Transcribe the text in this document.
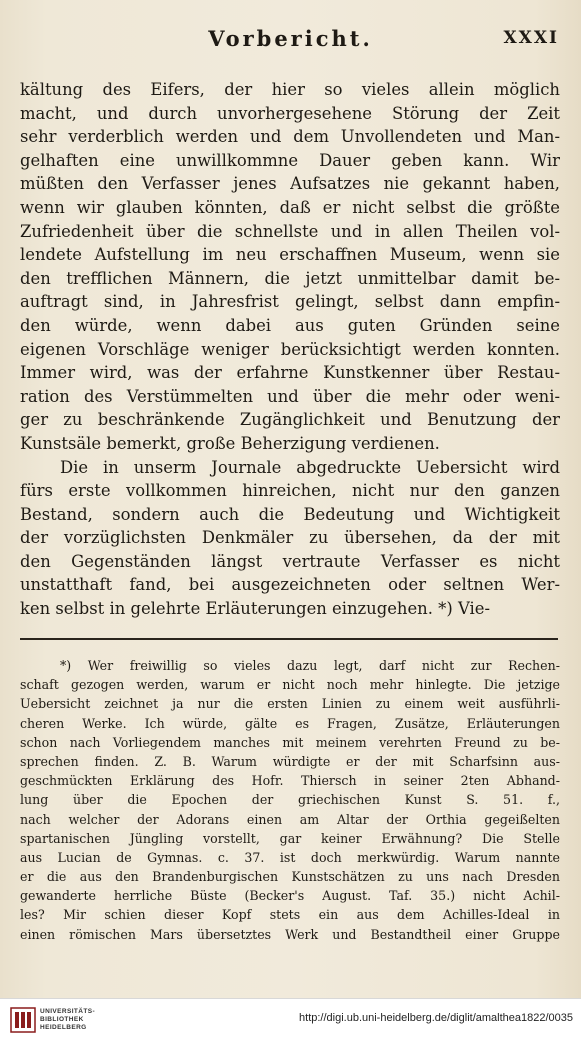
Vorbericht.	XXXI
kältung des Eifers, der hier so vieles allein möglich
macht, und durch unvorhergesehene Störung der Zeit
sehr verderblich werden und dem Unvollendeten und Man-
gelhaften eine unwillkommne Dauer geben kann. Wir
müßten den Verfasser jenes Aufsatzes nie gekannt haben,
wenn wir glauben könnten, daß er nicht selbst die größte
Zufriedenheit über die schnellste und in allen Theilen vol-
lendete Aufstellung im neu erschaffnen Museum, wenn sie
den trefflichen Männern, die jetzt unmittelbar damit be-
auftragt sind, in Jahresfrist gelingt, selbst dann empfin-
den würde, wenn dabei aus guten Gründen seine
eigenen Vorschläge weniger berücksichtigt werden konnten.
Immer wird, was der erfahrne Kunstkenner über Restau-
ration des Verstümmelten und über die mehr oder weni-
ger zu beschränkende Zugänglichkeit und Benutzung der
Kunstsäle bemerkt, große Beherzigung verdienen.
Die in unserm Journale abgedruckte Uebersicht wird
fürs erste vollkommen hinreichen, nicht nur den ganzen
Bestand, sondern auch die Bedeutung und Wichtigkeit
der vorzüglichsten Denkmäler zu übersehen, da der mit
den Gegenständen längst vertraute Verfasser es nicht
unstatthaft fand, bei ausgezeichneten oder seltnen Wer-
ken selbst in gelehrte Erläuterungen einzugehen. *) Vie-
*) Wer freiwillig so vieles dazu legt, darf nicht zur Rechen-
schaft gezogen werden, warum er nicht noch mehr hinlegte. Die jetzige
Uebersicht zeichnet ja nur die ersten Linien zu einem weit ausführli-
cheren Werke. Ich würde, gälte es Fragen, Zusätze, Erläuterungen
schon nach Vorliegendem manches mit meinem verehrten Freund zu be-
sprechen finden. Z. B. Warum würdigte er der mit Scharfsinn aus-
geschmückten Erklärung des Hofr. Thiersch in seiner 2ten Abhand-
lung über die Epochen der griechischen Kunst S. 51. f.,
nach welcher der Adorans einen am Altar der Orthia gegeißelten
spartanischen Jüngling vorstellt, gar keiner Erwähnung? Die Stelle
aus Lucian de Gymnas. c. 37. ist doch merkwürdig. Warum nannte
er die aus den Brandenburgischen Kunstschätzen zu uns nach Dresden
gewanderte herrliche Büste (Becker's August. Taf. 35.) nicht Achil-
les? Mir schien dieser Kopf stets ein aus dem Achilles-Ideal in
einen römischen Mars übersetztes Werk und Bestandtheil einer Gruppe
UNIVERSITÄTS-
BIBLIOTHEK
HEIDELBERG
http://digi.ub.uni-heidelberg.de/diglit/amalthea1822/0035
